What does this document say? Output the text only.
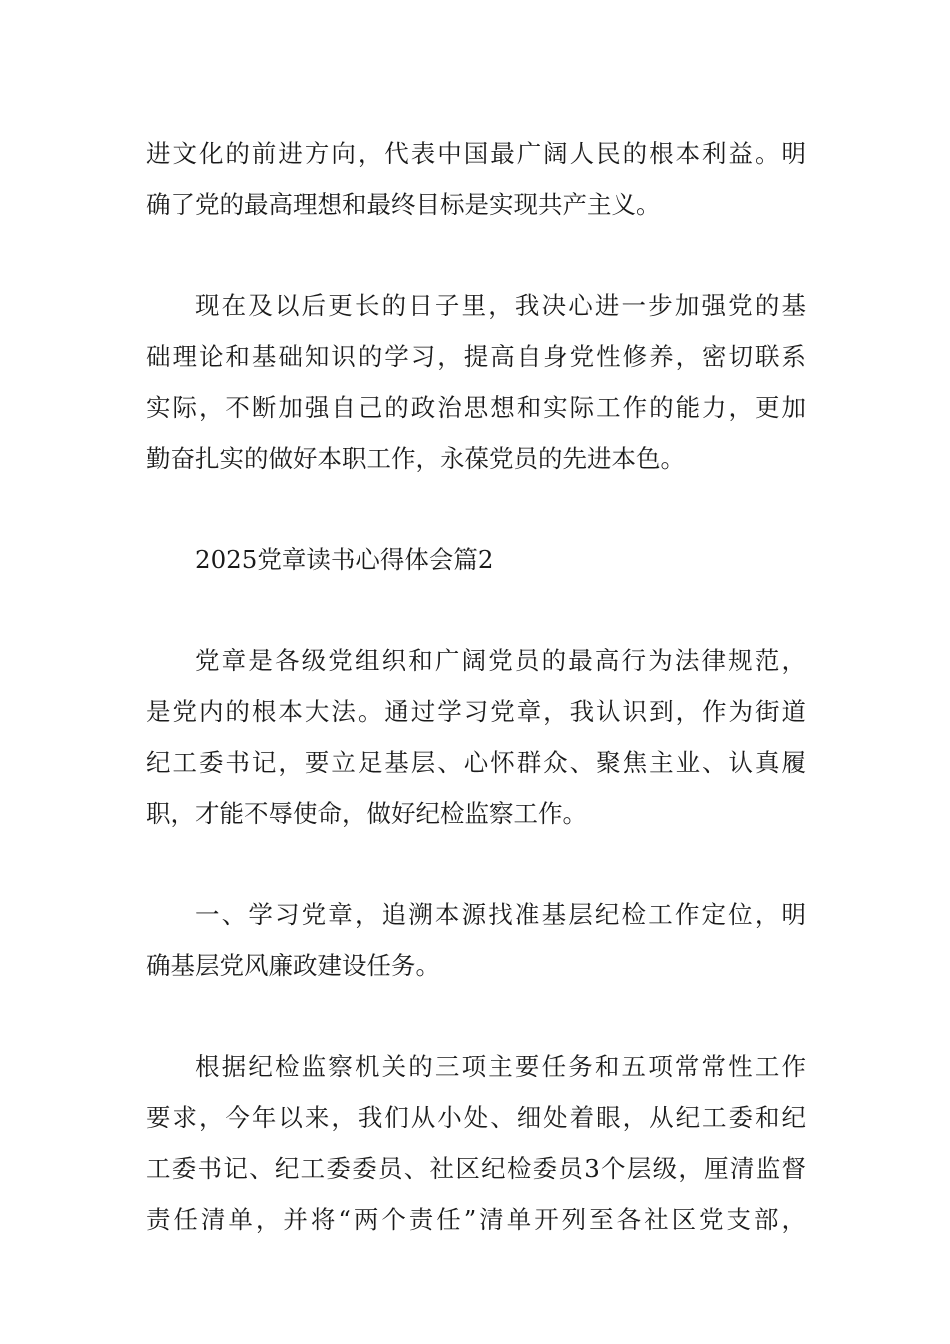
进文化的前进方向，代表中国最广阔人民的根本利益。明
确了党的最高理想和最终目标是实现共产主义。
现在及以后更长的日子里，我决心进一步加强党的基
础理论和基础知识的学习，提高自身党性修养，密切联系
实际，不断加强自己的政治思想和实际工作的能力，更加
勤奋扎实的做好本职工作，永葆党员的先进本色。
2025党章读书心得体会篇2
党章是各级党组织和广阔党员的最高行为法律规范，
是党内的根本大法。通过学习党章，我认识到，作为街道
纪工委书记，要立足基层、心怀群众、聚焦主业、认真履
职，才能不辱使命，做好纪检监察工作。
一、学习党章，追溯本源找准基层纪检工作定位，明
确基层党风廉政建设任务。
根据纪检监察机关的三项主要任务和五项常常性工作
要求，今年以来，我们从小处、细处着眼，从纪工委和纪
工委书记、纪工委委员、社区纪检委员3个层级，厘清监督
责任清单，并将“两个责任”清单开列至各社区党支部，
